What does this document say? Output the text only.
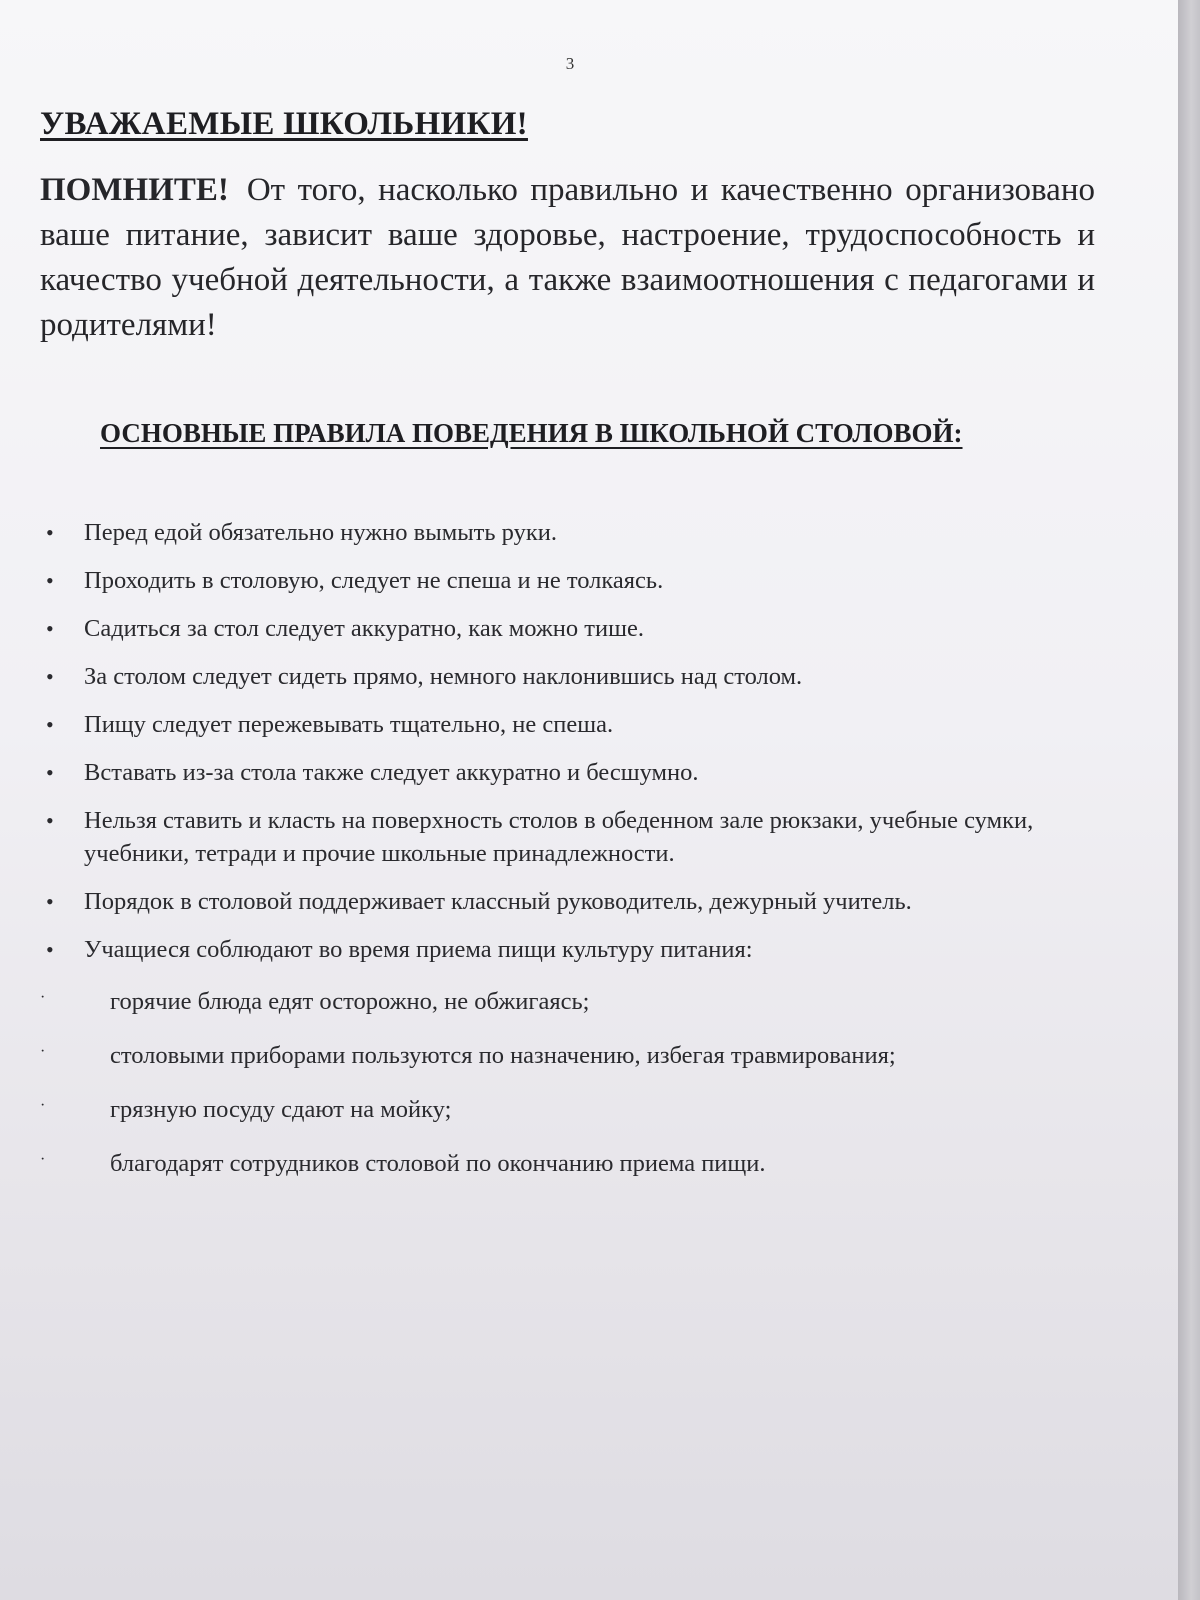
3
УВАЖАЕМЫЕ ШКОЛЬНИКИ!
ПОМНИТЕ! От того, насколько правильно и качественно организовано ваше питание, зависит ваше здоровье, настроение, трудоспособность и качество учебной деятельности, а также взаимоотношения с педагогами и родителями!
ОСНОВНЫЕ ПРАВИЛА ПОВЕДЕНИЯ В ШКОЛЬНОЙ СТОЛОВОЙ:
• Перед едой обязательно нужно вымыть руки.
• Проходить в столовую, следует не спеша и не толкаясь.
• Садиться за стол следует аккуратно, как можно тише.
• За столом следует сидеть прямо, немного наклонившись над столом.
• Пищу следует пережевывать тщательно, не спеша.
• Вставать из-за стола также следует аккуратно и бесшумно.
• Нельзя ставить и класть на поверхность столов в обеденном зале рюкзаки, учебные сумки, учебники, тетради и прочие школьные принадлежности.
• Порядок в столовой поддерживает классный руководитель, дежурный учитель.
• Учащиеся соблюдают во время приема пищи культуру питания:
·	горячие блюда едят осторожно, не обжигаясь;
·	столовыми приборами пользуются по назначению, избегая травмирования;
·	грязную посуду сдают на мойку;
·	благодарят сотрудников столовой по окончанию приема пищи.
